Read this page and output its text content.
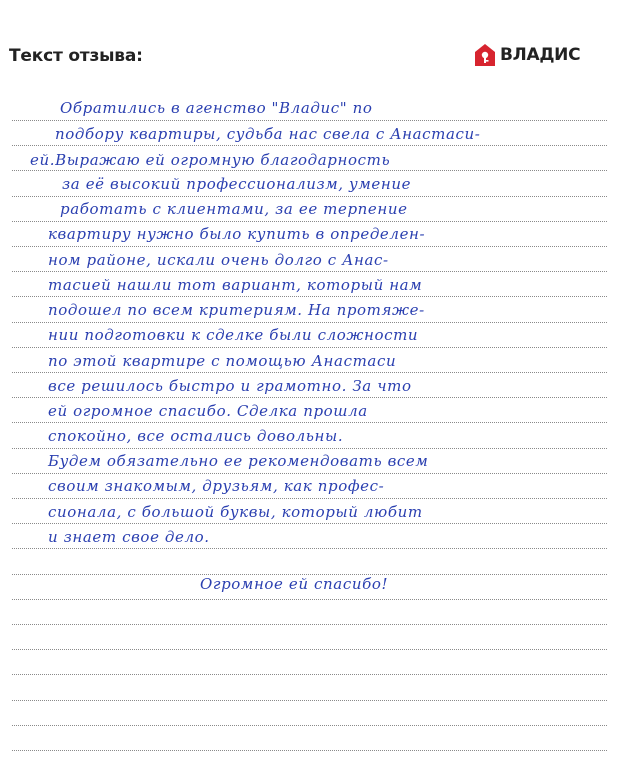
Текст отзыва:	ВЛАДИС
Обратились в агенство "Владис" по
подбору квартиры, судьба нас свела с Анастаси-
ей.Выражаю ей огромную благодарность
за её высокий профессионализм, умение
работать с клиентами, за ее терпение
квартиру нужно было купить в определен-
ном районе, искали очень долго с Анас-
тасией нашли тот вариант, который нам
подошел по всем критериям. На протяже-
нии подготовки к сделке были сложности
по этой квартире с помощью Анастаси
все решилось быстро и грамотно. За что
ей огромное спасибо. Сделка прошла
спокойно, все остались довольны.
Будем обязательно ее рекомендовать всем
своим знакомым, друзьям, как профес-
сионала, с большой буквы, который любит
и знает свое дело.
Огромное ей спасибо!
